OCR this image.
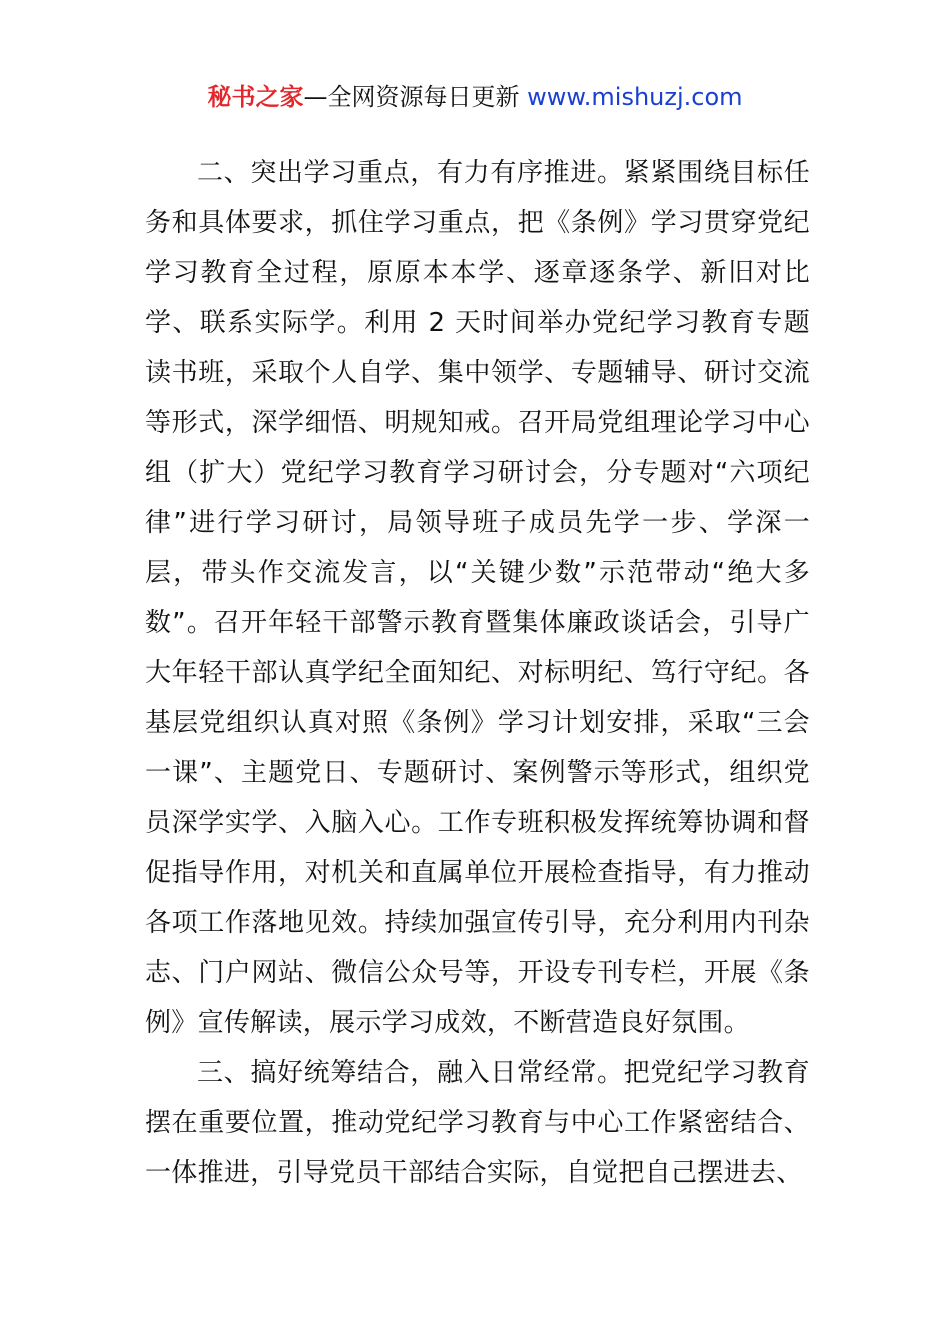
秘书之家—全网资源每日更新 www.mishuzj.com

二、突出学习重点，有力有序推进。紧紧围绕目标任务和具体要求，抓住学习重点，把《条例》学习贯穿党纪学习教育全过程，原原本本学、逐章逐条学、新旧对比学、联系实际学。利用 2 天时间举办党纪学习教育专题读书班，采取个人自学、集中领学、专题辅导、研讨交流等形式，深学细悟、明规知戒。召开局党组理论学习中心组（扩大）党纪学习教育学习研讨会，分专题对“六项纪律”进行学习研讨，局领导班子成员先学一步、学深一层，带头作交流发言，以“关键少数”示范带动“绝大多数”。召开年轻干部警示教育暨集体廉政谈话会，引导广大年轻干部认真学纪全面知纪、对标明纪、笃行守纪。各基层党组织认真对照《条例》学习计划安排，采取“三会一课”、主题党日、专题研讨、案例警示等形式，组织党员深学实学、入脑入心。工作专班积极发挥统筹协调和督促指导作用，对机关和直属单位开展检查指导，有力推动各项工作落地见效。持续加强宣传引导，充分利用内刊杂志、门户网站、微信公众号等，开设专刊专栏，开展《条例》宣传解读，展示学习成效，不断营造良好氛围。

三、搞好统筹结合，融入日常经常。把党纪学习教育摆在重要位置，推动党纪学习教育与中心工作紧密结合、一体推进，引导党员干部结合实际，自觉把自己摆进去、
